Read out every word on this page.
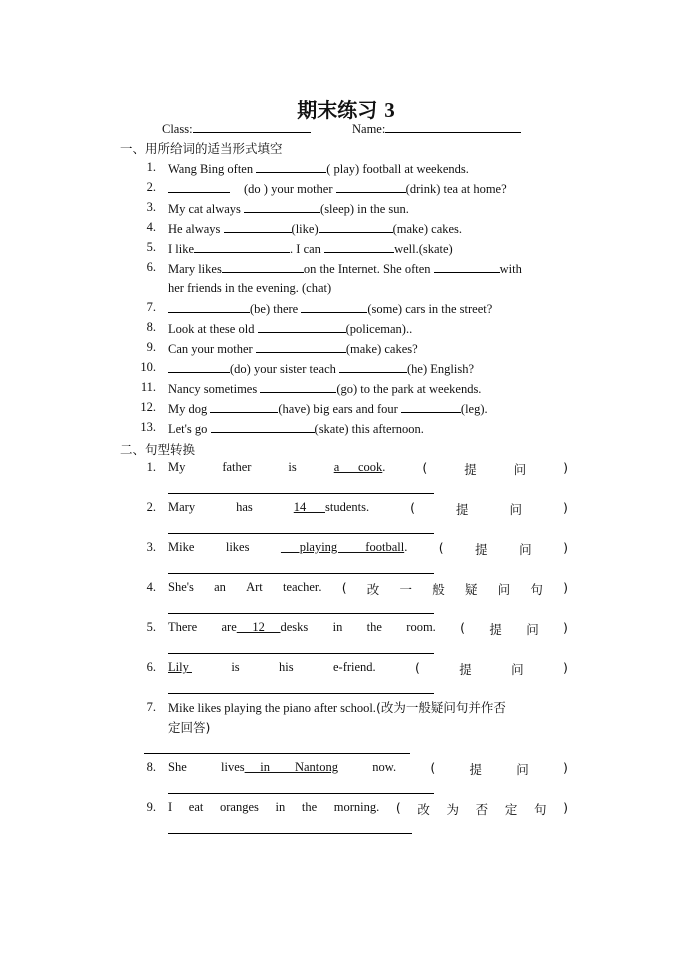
期末练习 3
Class:	Name:
一、用所给词的适当形式填空
1. Wang Bing often	( play) football at weekends.
2.	(do ) your mother	(drink) tea at home?
3. My cat always	(sleep) in the sun.
4. He always	(like)	(make) cakes.
5. I like	. I can	well.(skate)
6. Mary likes	on the Internet. She often	with
her friends in the evening. (chat)
7.	(be) there	(some) cars in the street?
8. Look at these old	(policeman)..
9. Can your mother	(make) cakes?
10.	(do) your sister teach	(he) English?
11. Nancy sometimes	(go) to the park at weekends.
12. My dog	(have) big ears and four	(leg).
13. Let's go	(skate) this afternoon.
二、句型转换
1. My	father	is	a      cook.	(	提	问	)
2. Mary	has	14      students.	(	提	问	)
3. Mike	likes	playing         football.	(	提	问	)
4. She's an Art teacher. ( 改 一 般 疑 问 句 )
5. There are     12     desks in the room. ( 提 问 )
6. Lily	is	his	e-friend.	(	提	问	)
7. Mike likes playing the piano after school.(改为一般疑问句并作否
定回答)
8. She	lives     in        Nantong	now.	(	提	问	)
9. I eat oranges in the morning. ( 改 为 否 定 句 )
